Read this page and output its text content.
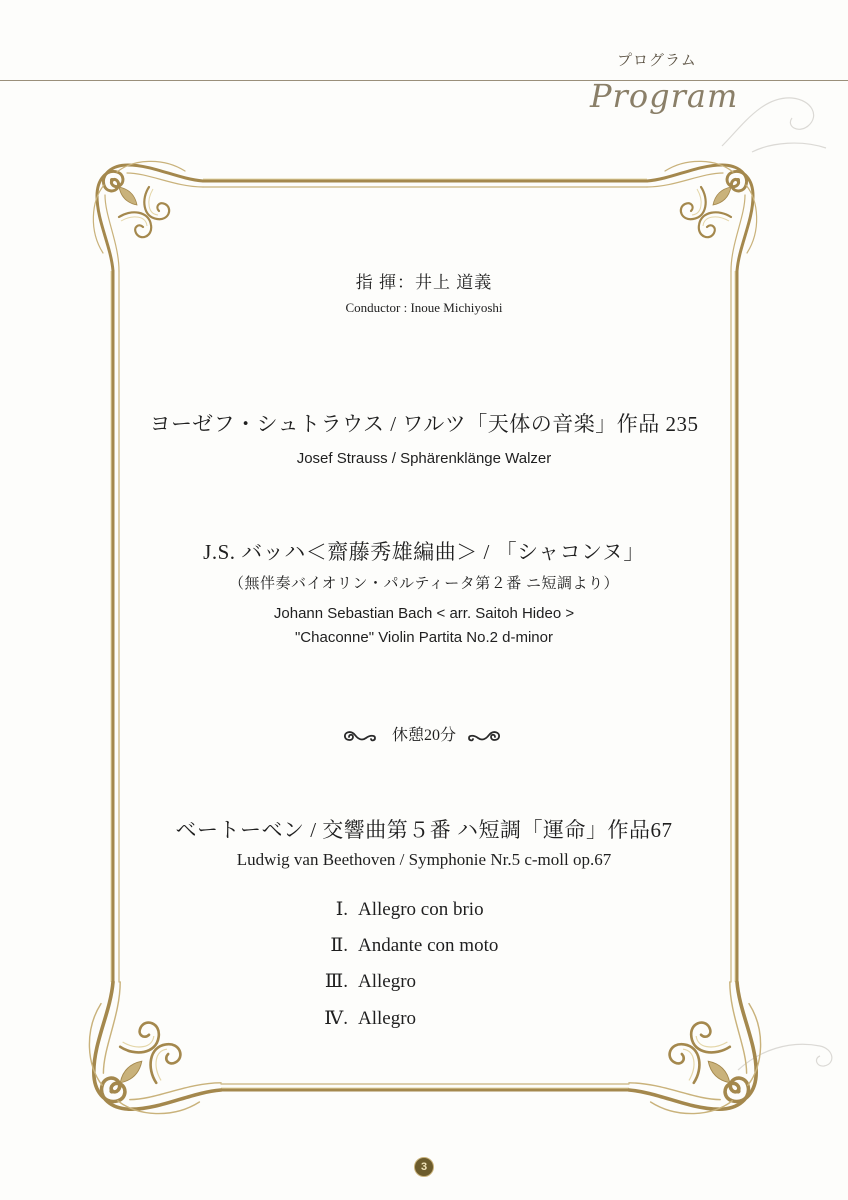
プログラム
Program
指 揮：井上 道義
Conductor : Inoue Michiyoshi
ヨーゼフ・シュトラウス / ワルツ「天体の音楽」作品 235
Josef Strauss / Sphärenklänge Walzer
J.S. バッハ＜齋藤秀雄編曲＞ / 「シャコンヌ」
（無伴奏バイオリン・パルティータ第２番 ニ短調より）
Johann Sebastian Bach < arr. Saitoh Hideo >
"Chaconne" Violin Partita No.2 d-minor
休憩20分
ベートーベン / 交響曲第５番 ハ短調「運命」作品67
Ludwig van Beethoven / Symphonie Nr.5 c-moll op.67
Ⅰ. Allegro con brio
Ⅱ. Andante con moto
Ⅲ. Allegro
Ⅳ. Allegro
3
